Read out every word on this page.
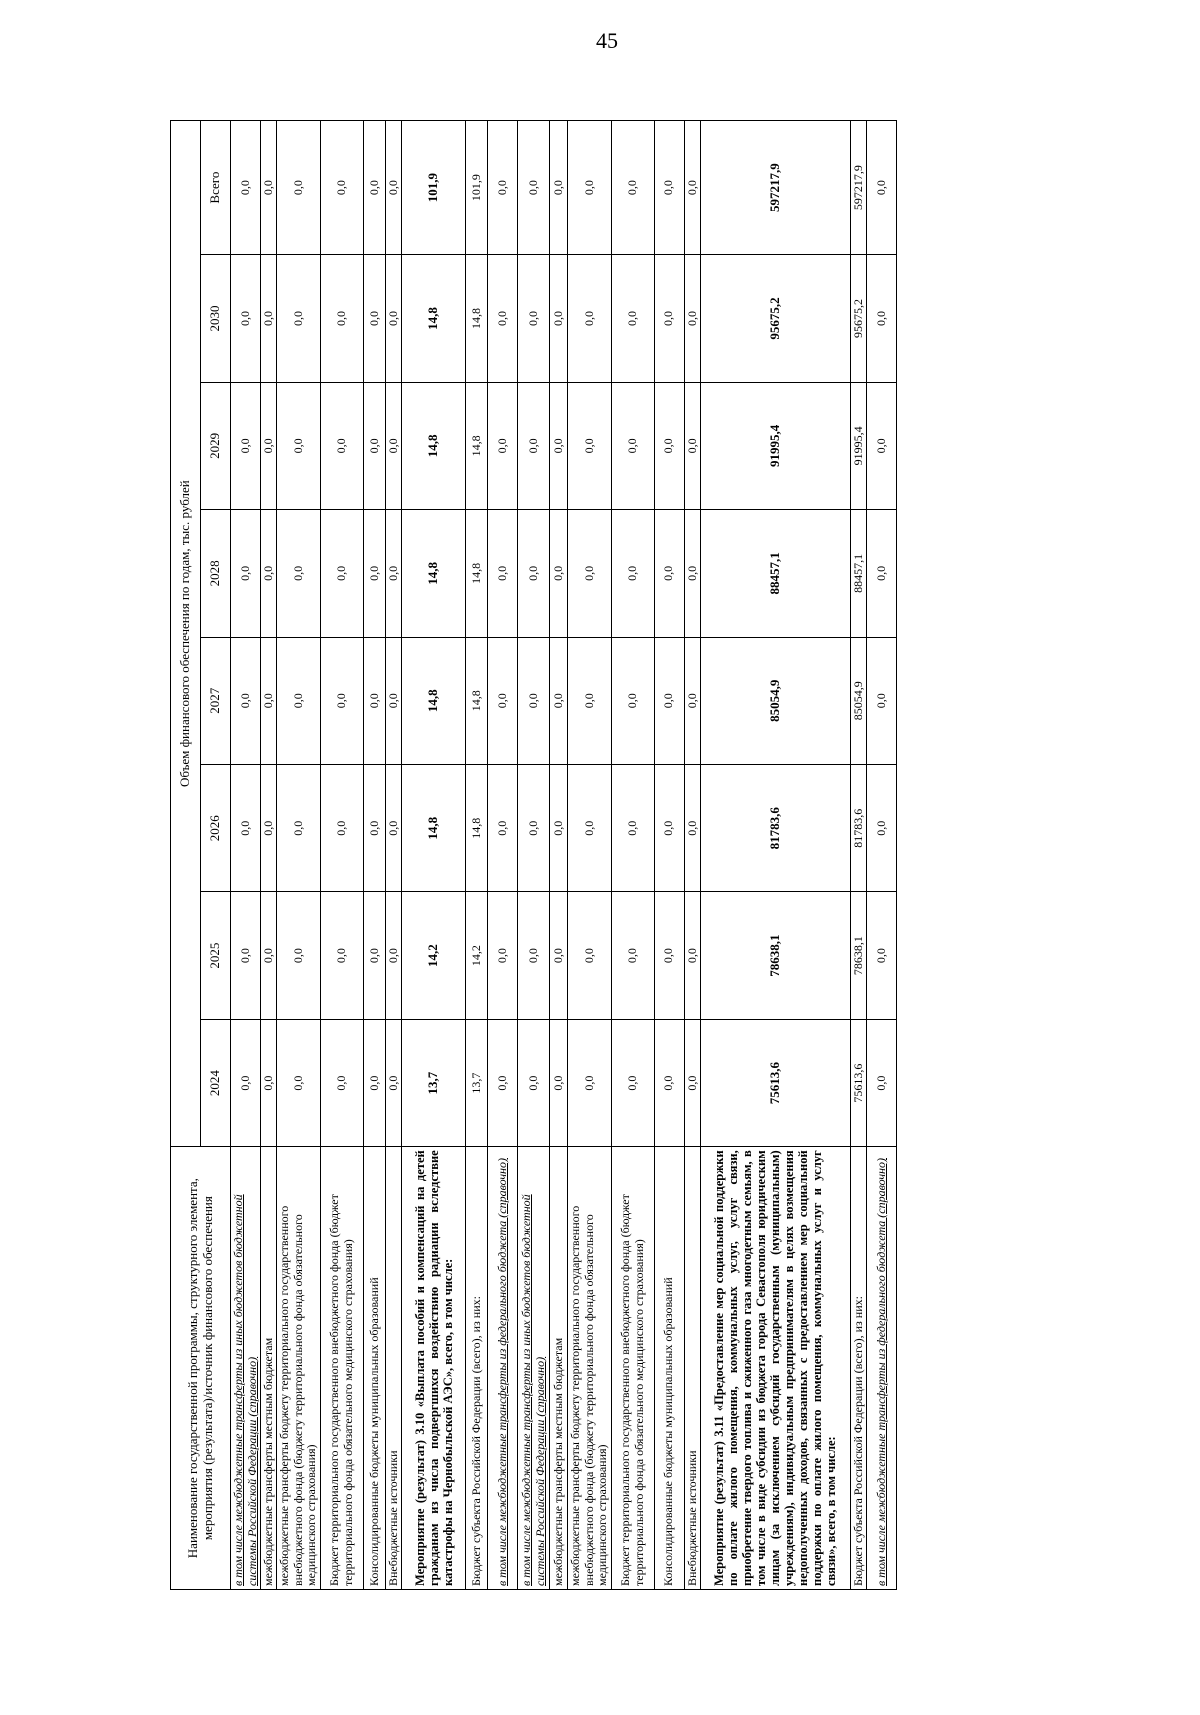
45
Наименование государственной программы, структурного элемента, мероприятия (результата)/источник финансового обеспечения	Объем финансового обеспечения по годам, тыс. рублей							
	2024	2025	2026	2027	2028	2029	2030	Всего
в том числе межбюджетные трансферты из иных бюджетов бюджетной системы Российской Федерации (справочно)	0,0	0,0	0,0	0,0	0,0	0,0	0,0	0,0
межбюджетные трансферты местным бюджетам	0,0	0,0	0,0	0,0	0,0	0,0	0,0	0,0
межбюджетные трансферты бюджету территориального государственного внебюджетного фонда (бюджету территориального фонда обязательного медицинского страхования)	0,0	0,0	0,0	0,0	0,0	0,0	0,0	0,0
Бюджет территориального государственного внебюджетного фонда (бюджет территориального фонда обязательного медицинского страхования)	0,0	0,0	0,0	0,0	0,0	0,0	0,0	0,0
Консолидированные бюджеты муниципальных образований	0,0	0,0	0,0	0,0	0,0	0,0	0,0	0,0
Внебюджетные источники	0,0	0,0	0,0	0,0	0,0	0,0	0,0	0,0
Мероприятие (результат) 3.10 «Выплата пособий и компенсаций на детей гражданам из числа подвергшихся воздействию радиации вследствие катастрофы на Чернобыльской АЭС», всего, в том числе:	13,7	14,2	14,8	14,8	14,8	14,8	14,8	101,9
Бюджет субъекта Российской Федерации (всего), из них:	13,7	14,2	14,8	14,8	14,8	14,8	14,8	101,9
в том числе межбюджетные трансферты из федерального бюджета (справочно)	0,0	0,0	0,0	0,0	0,0	0,0	0,0	0,0
в том числе межбюджетные трансферты из иных бюджетов бюджетной системы Российской Федерации (справочно)	0,0	0,0	0,0	0,0	0,0	0,0	0,0	0,0
межбюджетные трансферты местным бюджетам	0,0	0,0	0,0	0,0	0,0	0,0	0,0	0,0
межбюджетные трансферты бюджету территориального государственного внебюджетного фонда (бюджету территориального фонда обязательного медицинского страхования)	0,0	0,0	0,0	0,0	0,0	0,0	0,0	0,0
Бюджет территориального государственного внебюджетного фонда (бюджет территориального фонда обязательного медицинского страхования)	0,0	0,0	0,0	0,0	0,0	0,0	0,0	0,0
Консолидированные бюджеты муниципальных образований	0,0	0,0	0,0	0,0	0,0	0,0	0,0	0,0
Внебюджетные источники	0,0	0,0	0,0	0,0	0,0	0,0	0,0	0,0
Мероприятие (результат) 3.11 «Предоставление мер социальной поддержки по оплате жилого помещения, коммунальных услуг, услуг связи, приобретение твердого топлива и сжиженного газа многодетным семьям, в том числе в виде субсидии из бюджета города Севастополя юридическим лицам (за исключением субсидий государственным (муниципальным) учреждениям), индивидуальным предпринимателям в целях возмещения недополученных доходов, связанных с предоставлением мер социальной поддержки по оплате жилого помещения, коммунальных услуг и услуг связи», всего, в том числе:	75613,6	78638,1	81783,6	85054,9	88457,1	91995,4	95675,2	597217,9
Бюджет субъекта Российской Федерации (всего), из них:	75613,6	78638,1	81783,6	85054,9	88457,1	91995,4	95675,2	597217,9
в том числе межбюджетные трансферты из федерального бюджета (справочно)	0,0	0,0	0,0	0,0	0,0	0,0	0,0	0,0
